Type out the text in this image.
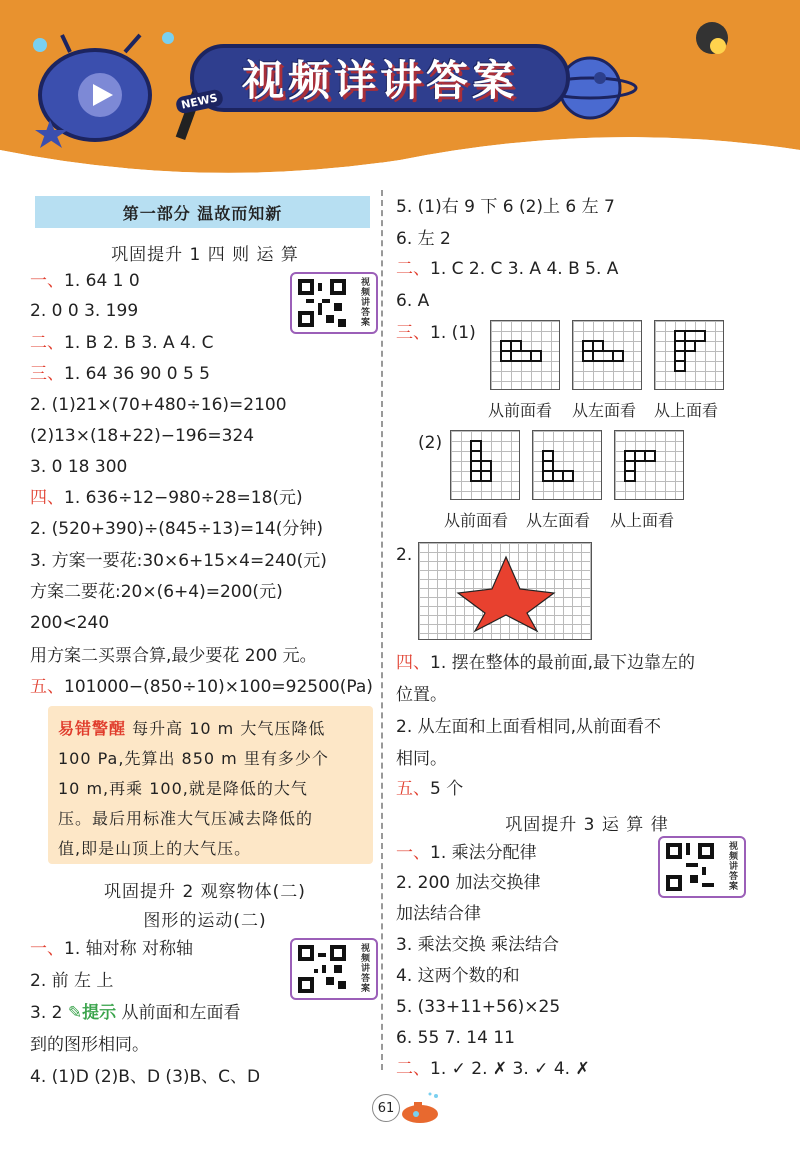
视频详讲答案
NEWS
第一部分 温故而知新
巩固提升 1 四 则 运 算
视频讲答案
一、1. 64 1 0
2. 0 0 3. 199
二、1. B 2. B 3. A 4. C
三、1. 64 36 90 0 5 5
2. (1)21×(70+480÷16)=2100
(2)13×(18+22)−196=324
3. 0 18 300
四、1. 636÷12−980÷28=18(元)
2. (520+390)÷(845÷13)=14(分钟)
3. 方案一要花:30×6+15×4=240(元)
方案二要花:20×(6+4)=200(元)
200<240
用方案二买票合算,最少要花 200 元。
五、101000−(850÷10)×100=92500(Pa)
易错警醒 每升高 10 m 大气压降低
100 Pa,先算出 850 m 里有多少个
10 m,再乘 100,就是降低的大气
压。最后用标准大气压减去降低的
值,即是山顶上的大气压。
巩固提升 2 观察物体(二)
图形的运动(二)
视频讲答案
一、1. 轴对称 对称轴
2. 前 左 上
3. 2 ✎提示 从前面和左面看
到的图形相同。
4. (1)D (2)B、D (3)B、C、D
5. (1)右 9 下 6 (2)上 6 左 7
6. 左 2
二、1. C 2. C 3. A 4. B 5. A
6. A
三、1. (1)
从前面看 从左面看 从上面看
(2)
从前面看 从左面看 从上面看
2.
四、1. 摆在整体的最前面,最下边靠左的
位置。
2. 从左面和上面看相同,从前面看不
相同。
五、5 个
巩固提升 3 运 算 律
视频讲答案
一、1. 乘法分配律
2. 200 加法交换律
加法结合律
3. 乘法交换 乘法结合
4. 这两个数的和
5. (33+11+56)×25
6. 55 7. 14 11
二、1. ✓ 2. ✗ 3. ✓ 4. ✗
61
